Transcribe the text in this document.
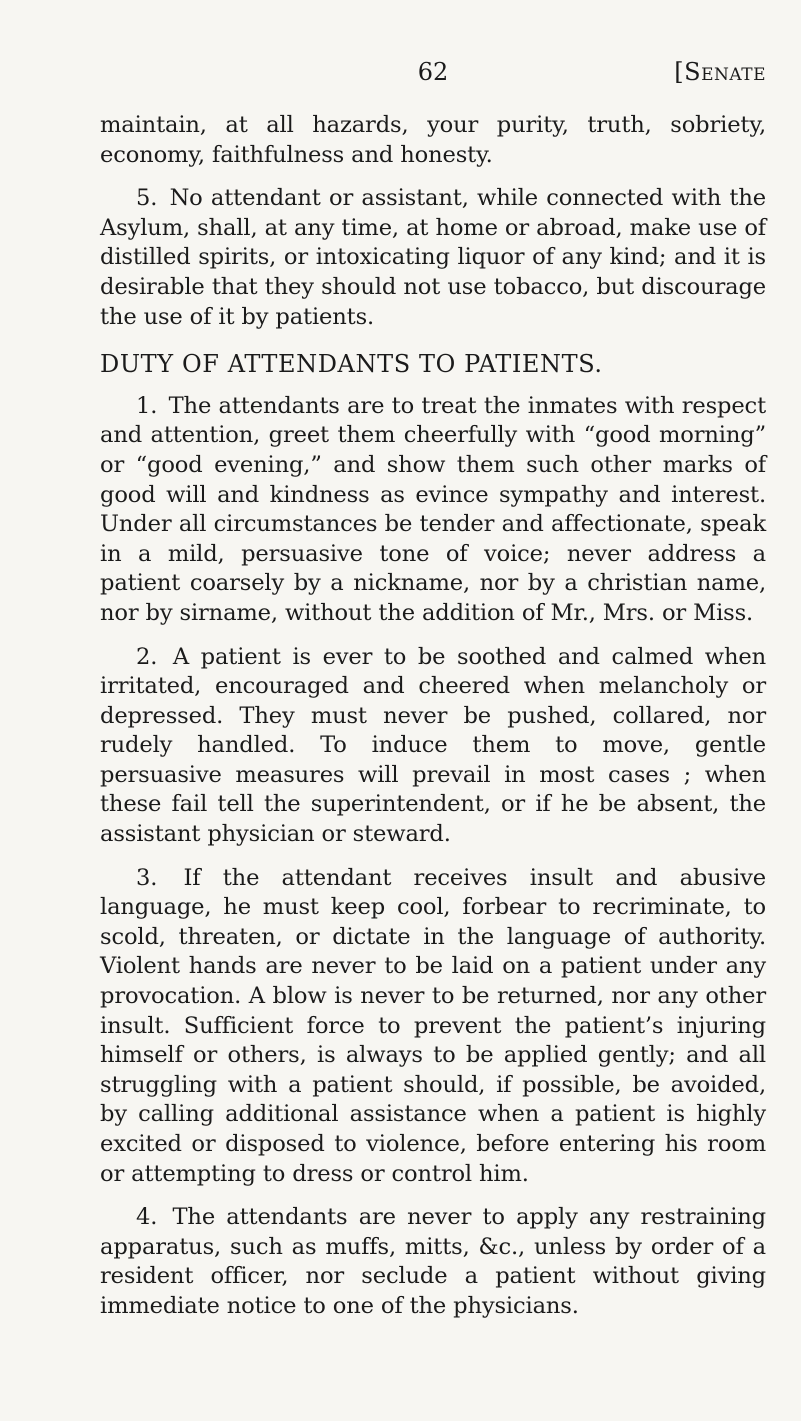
62	[Senate

maintain, at all hazards, your purity, truth, sobriety, economy, faithfulness and honesty.

5. No attendant or assistant, while connected with the Asylum, shall, at any time, at home or abroad, make use of distilled spirits, or intoxicating liquor of any kind; and it is desirable that they should not use tobacco, but discourage the use of it by patients.

DUTY OF ATTENDANTS TO PATIENTS.

1. The attendants are to treat the inmates with respect and attention, greet them cheerfully with “good morning” or “good evening,” and show them such other marks of good will and kindness as evince sympathy and interest. Under all circumstances be tender and affectionate, speak in a mild, persuasive tone of voice; never address a patient coarsely by a nickname, nor by a christian name, nor by sirname, without the addition of Mr., Mrs. or Miss.

2. A patient is ever to be soothed and calmed when irritated, encouraged and cheered when melancholy or depressed. They must never be pushed, collared, nor rudely handled. To induce them to move, gentle persuasive measures will prevail in most cases ; when these fail tell the superintendent, or if he be absent, the assistant physician or steward.

3. If the attendant receives insult and abusive language, he must keep cool, forbear to recriminate, to scold, threaten, or dictate in the language of authority. Violent hands are never to be laid on a patient under any provocation. A blow is never to be returned, nor any other insult. Sufficient force to prevent the patient’s injuring himself or others, is always to be applied gently; and all struggling with a patient should, if possible, be avoided, by calling additional assistance when a patient is highly excited or disposed to violence, before entering his room or attempting to dress or control him.

4. The attendants are never to apply any restraining apparatus, such as muffs, mitts, &c., unless by order of a resident officer, nor seclude a patient without giving immediate notice to one of the physicians.
